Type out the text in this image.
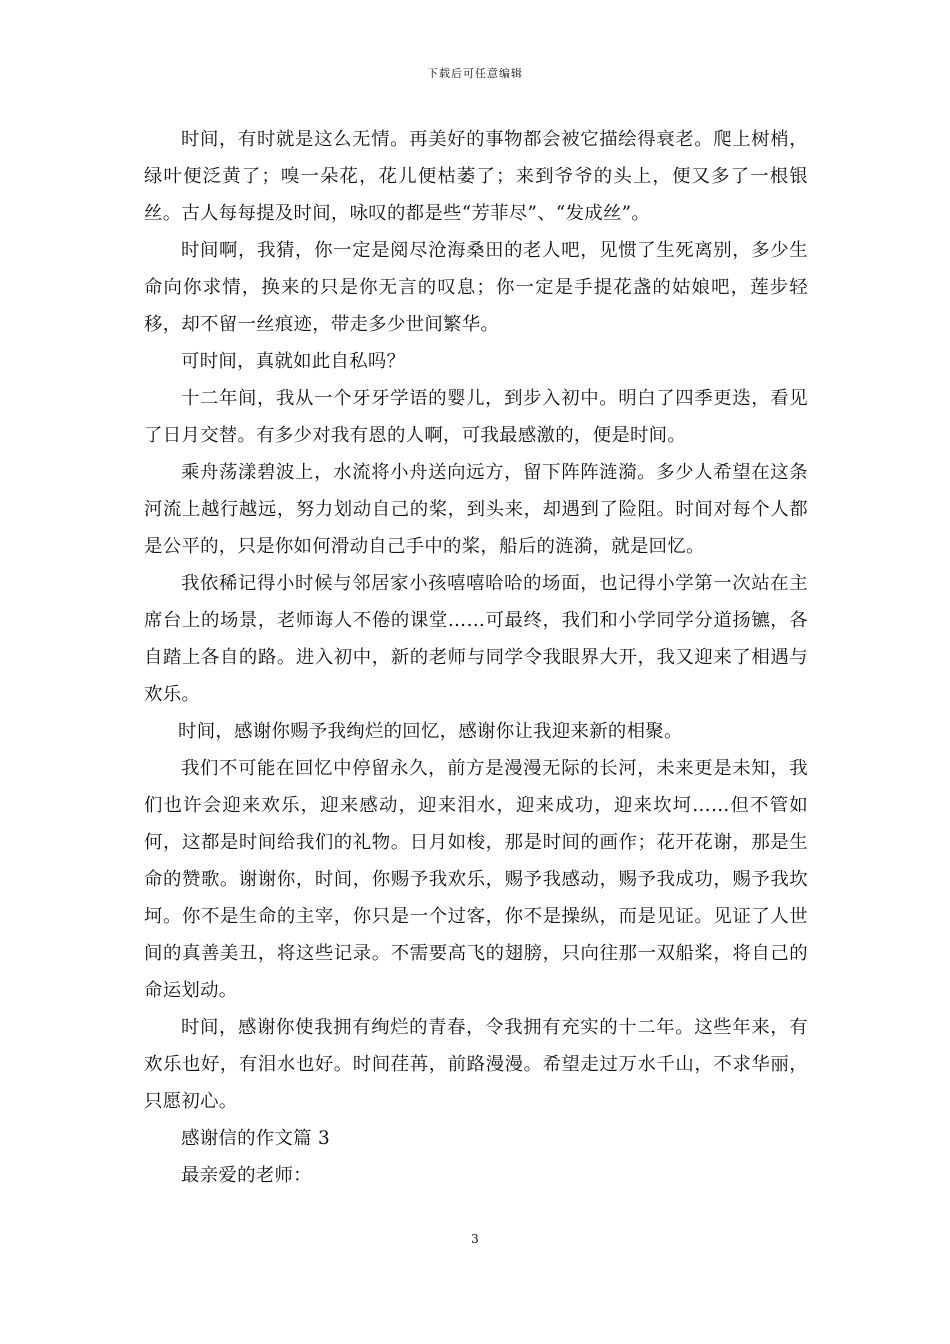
下载后可任意编辑

时间，有时就是这么无情。再美好的事物都会被它描绘得衰老。爬上树梢，绿叶便泛黄了；嗅一朵花，花儿便枯萎了；来到爷爷的头上，便又多了一根银丝。古人每每提及时间，咏叹的都是些“芳菲尽”、“发成丝”。

时间啊，我猜，你一定是阅尽沧海桑田的老人吧，见惯了生死离别，多少生命向你求情，换来的只是你无言的叹息；你一定是手提花盏的姑娘吧，莲步轻移，却不留一丝痕迹，带走多少世间繁华。

可时间，真就如此自私吗？

十二年间，我从一个牙牙学语的婴儿，到步入初中。明白了四季更迭，看见了日月交替。有多少对我有恩的人啊，可我最感激的，便是时间。

乘舟荡漾碧波上，水流将小舟送向远方，留下阵阵涟漪。多少人希望在这条河流上越行越远，努力划动自己的桨，到头来，却遇到了险阻。时间对每个人都是公平的，只是你如何滑动自己手中的桨，船后的涟漪，就是回忆。

我依稀记得小时候与邻居家小孩嘻嘻哈哈的场面，也记得小学第一次站在主席台上的场景，老师诲人不倦的课堂……可最终，我们和小学同学分道扬镳，各自踏上各自的路。进入初中，新的老师与同学令我眼界大开，我又迎来了相遇与欢乐。

时间，感谢你赐予我绚烂的回忆，感谢你让我迎来新的相聚。

我们不可能在回忆中停留永久，前方是漫漫无际的长河，未来更是未知，我们也许会迎来欢乐，迎来感动，迎来泪水，迎来成功，迎来坎坷……但不管如何，这都是时间给我们的礼物。日月如梭，那是时间的画作；花开花谢，那是生命的赞歌。谢谢你，时间，你赐予我欢乐，赐予我感动，赐予我成功，赐予我坎坷。你不是生命的主宰，你只是一个过客，你不是操纵，而是见证。见证了人世间的真善美丑，将这些记录。不需要高飞的翅膀，只向往那一双船桨，将自己的命运划动。

时间，感谢你使我拥有绚烂的青春，令我拥有充实的十二年。这些年来，有欢乐也好，有泪水也好。时间荏苒，前路漫漫。希望走过万水千山，不求华丽，只愿初心。

感谢信的作文篇 3

最亲爱的老师：

3
